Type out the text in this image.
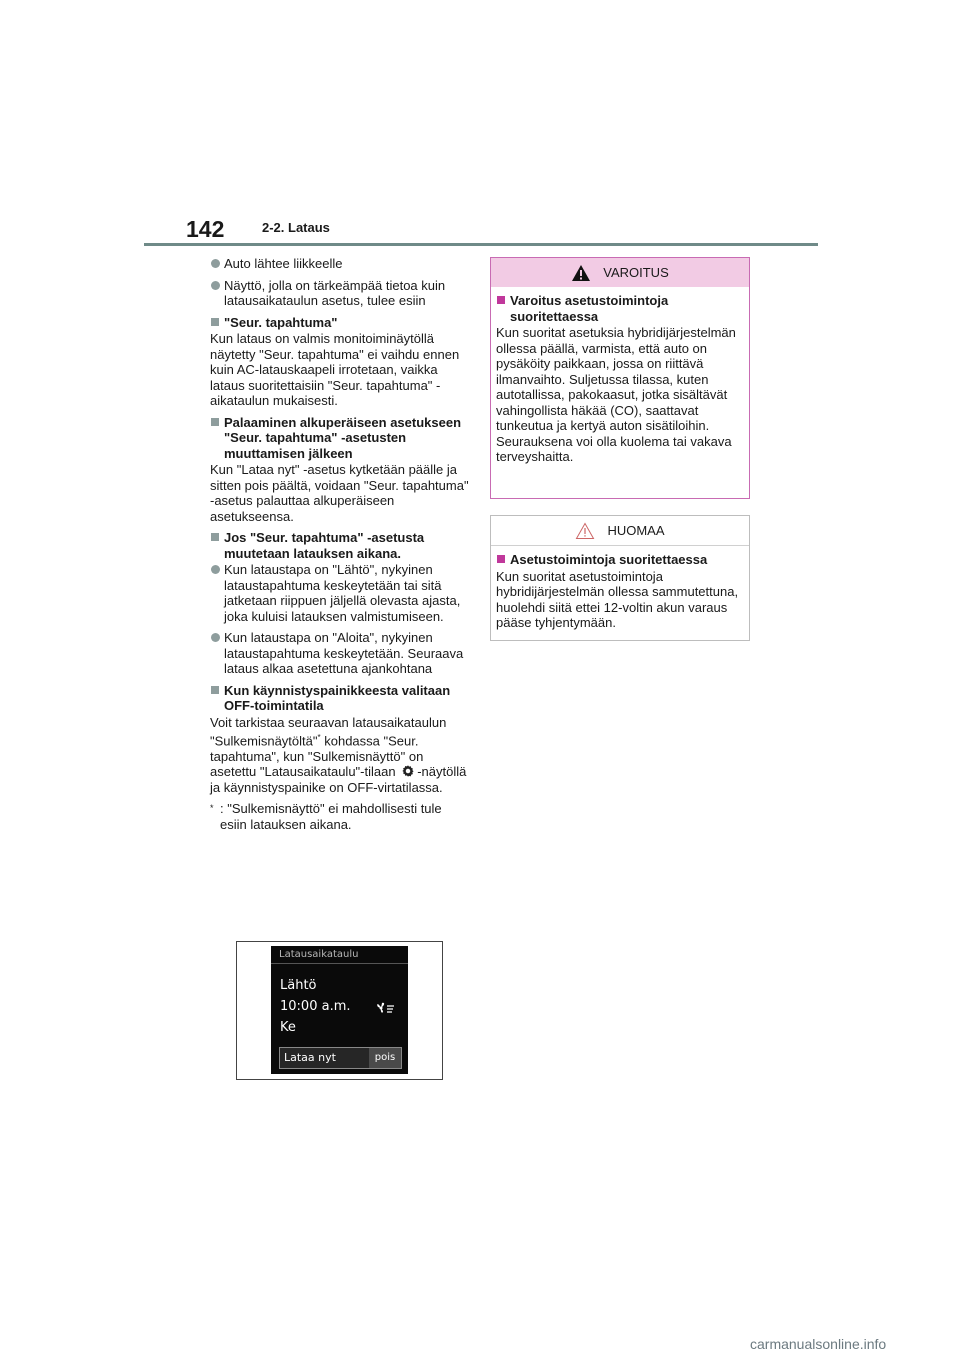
142	2-2. Lataus
Auto lähtee liikkeelle
Näyttö, jolla on tärkeämpää tietoa kuin latausaikataulun asetus, tulee esiin
"Seur. tapahtuma"

Kun lataus on valmis monitoiminäytöllä näytetty "Seur. tapahtuma" ei vaihdu ennen kuin AC-latauskaapeli irrotetaan, vaikka lataus suoritettaisiin "Seur. tapahtuma" -aikataulun mukaisesti.

Palaaminen alkuperäiseen asetukseen "Seur. tapahtuma" -asetusten muuttamisen jälkeen

Kun "Lataa nyt" -asetus kytketään päälle ja sitten pois päältä, voidaan "Seur. tapahtuma" -asetus palauttaa alkuperäiseen asetukseensa.

Jos "Seur. tapahtuma" -asetusta muutetaan latauksen aikana.
Kun lataustapa on "Lähtö", nykyinen lataustapahtuma keskeytetään tai sitä jatketaan riippuen jäljellä olevasta ajasta, joka kuluisi latauksen valmistumiseen.
Kun lataustapa on "Aloita", nykyinen lataustapahtuma keskeytetään. Seuraava lataus alkaa asetettuna ajankohtana
Kun käynnistyspainikkeesta valitaan OFF-toimintatila

Voit tarkistaa seuraavan latausaikataulun "Sulkemisnäytöltä"* kohdassa "Seur. tapahtuma", kun "Sulkemisnäyttö" on asetettu "Latausaikataulu"-tilaan -näytöllä ja käynnistyspainike on OFF-virtatilassa.

* : "Sulkemisnäyttö" ei mahdollisesti tule esiin latauksen aikana.
Latausaikataulu
Lähtö
10:00 a.m.
Ke
Lataa nyt	pois
VAROITUS
Varoitus asetustoimintoja suoritettaessa

Kun suoritat asetuksia hybridijärjestelmän ollessa päällä, varmista, että auto on pysäköity paikkaan, jossa on riittävä ilmanvaihto. Suljetussa tilassa, kuten autotallissa, pakokaasut, jotka sisältävät vahingollista häkää (CO), saattavat tunkeutua ja kertyä auton sisätiloihin. Seurauksena voi olla kuolema tai vakava terveyshaitta.

HUOMAA
Asetustoimintoja suoritettaessa

Kun suoritat asetustoimintoja hybridijärjestelmän ollessa sammutettuna, huolehdi siitä ettei 12-voltin akun varaus pääse tyhjentymään.

carmanualsonline.info
